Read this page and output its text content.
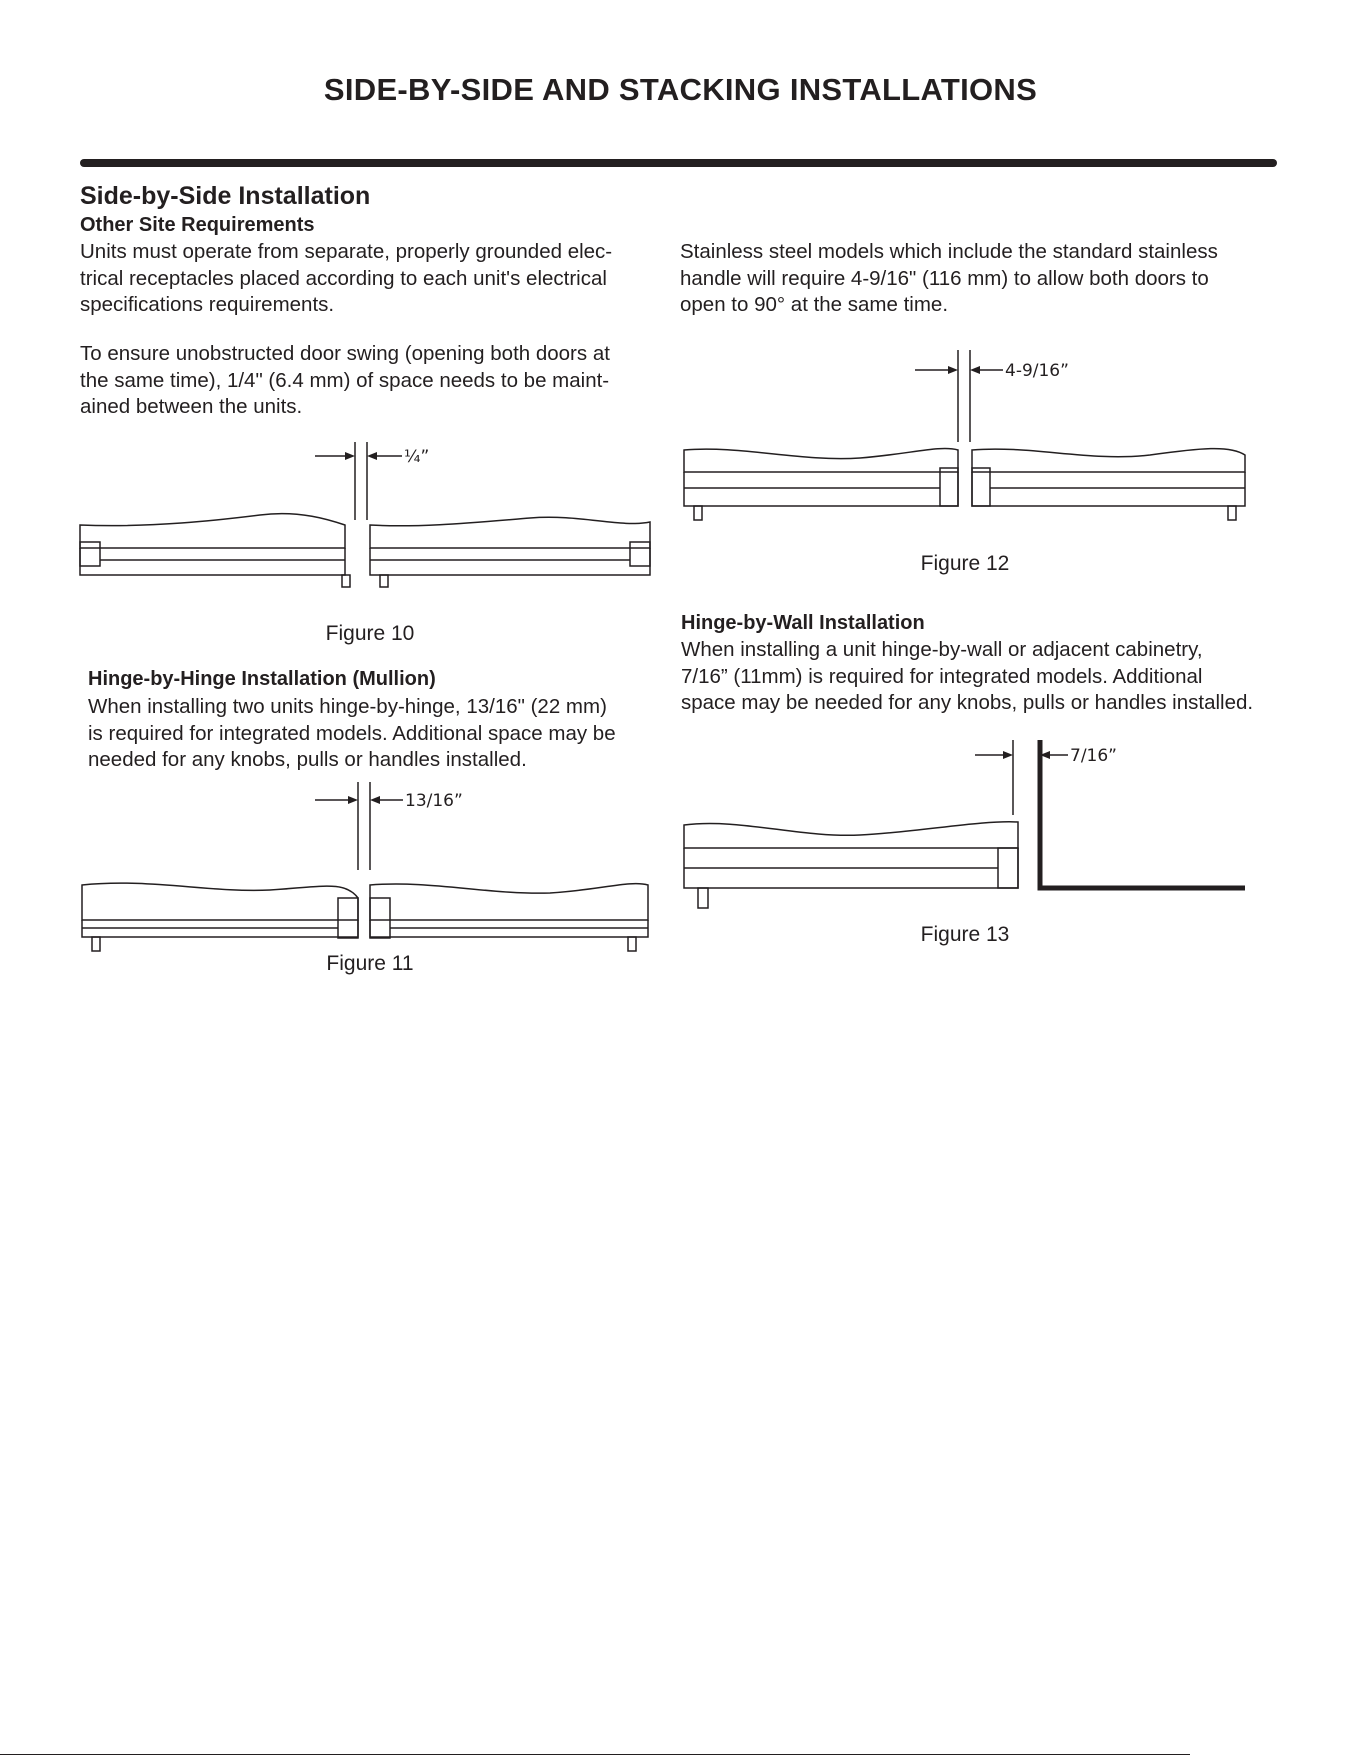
SIDE-BY-SIDE AND STACKING INSTALLATIONS
Side-by-Side Installation
Other Site Requirements
Units must operate from separate, properly grounded elec-
trical receptacles placed according to each unit's electrical
specifications requirements.
To ensure unobstructed door swing (opening both doors at
the same time), 1/4" (6.4 mm) of space needs to be maint-
ained between the units.
¼”
Figure 10
Hinge-by-Hinge Installation (Mullion)
When installing two units hinge-by-hinge, 13/16" (22 mm)
is required for integrated models. Additional space may be
needed for any knobs, pulls or handles installed.
13/16”
Figure 11
Stainless steel models which include the standard stainless
handle will require 4-9/16" (116 mm) to allow both doors to
open to 90° at the same time.
4-9/16”
Figure 12
Hinge-by-Wall Installation
When installing a unit hinge-by-wall or adjacent cabinetry,
7/16” (11mm) is required for integrated models. Additional
space may be needed for any knobs, pulls or handles installed.
7/16”
Figure 13
